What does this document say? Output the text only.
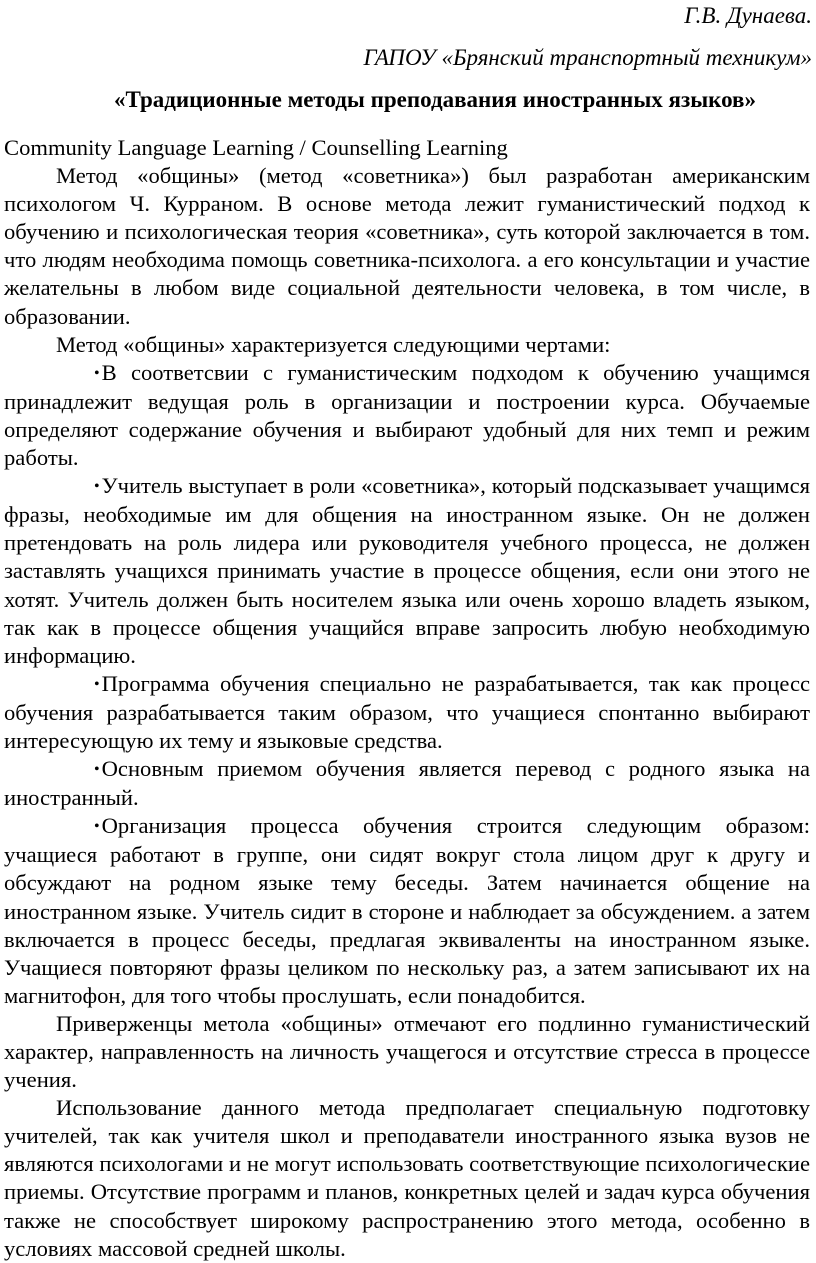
Г.В. Дунаева.

ГАПОУ «Брянский транспортный техникум»

«Традиционные методы преподавания иностранных языков»

Community Language Learning / Counselling Learning

Метод «общины» (метод «советника») был разработан американским психологом Ч. Курраном. В основе метода лежит гуманистический подход к обучению и психологическая теория «советника», суть которой заключается в том. что людям необходима помощь советника-психолога. а его консультации и участие желательны в любом виде социальной деятельности человека, в том числе, в образовании.

Метод «общины» характеризуется следующими чертами:

•В соответсвии с гуманистическим подходом к обучению учащимся принадлежит ведущая роль в организации и построении курса. Обучаемые определяют содержание обучения и выбирают удобный для них темп и режим работы.

•Учитель выступает в роли «советника», который подсказывает учащимся фразы, необходимые им для общения на иностранном языке. Он не должен претендовать на роль лидера или руководителя учебного процесса, не должен заставлять учащихся принимать участие в процессе общения, если они этого не хотят. Учитель должен быть носителем языка или очень хорошо владеть языком, так как в процессе общения учащийся вправе запросить любую необходимую информацию.

•Программа обучения специально не разрабатывается, так как процесс обучения разрабатывается таким образом, что учащиеся спонтанно выбирают интересующую их тему и языковые средства.

•Основным приемом обучения является перевод с родного языка на иностранный.

•Организация процесса обучения строится следующим образом: учащиеся работают в группе, они сидят вокруг стола лицом друг к другу и обсуждают на родном языке тему беседы. Затем начинается общение на иностранном языке. Учитель сидит в стороне и наблюдает за обсуждением. а затем включается в процесс беседы, предлагая эквиваленты на иностранном языке. Учащиеся повторяют фразы целиком по нескольку раз, а затем записывают их на магнитофон, для того чтобы прослушать, если понадобится.

Приверженцы метола «общины» отмечают его подлинно гуманистический характер, направленность на личность учащегося и отсутствие стресса в процессе учения.

Использование данного метода предполагает специальную подготовку учителей, так как учителя школ и преподаватели иностранного языка вузов не являются психологами и не могут использовать соответствующие психологические приемы. Отсутствие программ и планов, конкретных целей и задач курса обучения также не способствует широкому распространению этого метода, особенно в условиях массовой средней школы.
